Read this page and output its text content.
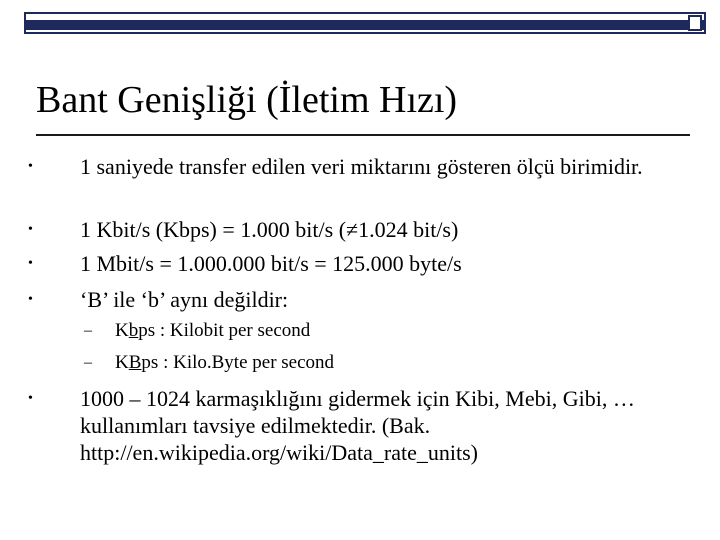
Bant Genişliği (İletim Hızı)
• 1 saniyede transfer edilen veri miktarını gösteren ölçü birimidir.
• 1 Kbit/s (Kbps) = 1.000 bit/s (≠1.024 bit/s)
• 1 Mbit/s = 1.000.000 bit/s = 125.000 byte/s
• ‘B’ ile ‘b’ aynı değildir:
– Kbps : Kilobit per second
– KBps : Kilo.Byte per second
• 1000 – 1024 karmaşıklığını gidermek için Kibi, Mebi, Gibi, … kullanımları tavsiye edilmektedir. (Bak. http://en.wikipedia.org/wiki/Data_rate_units)
